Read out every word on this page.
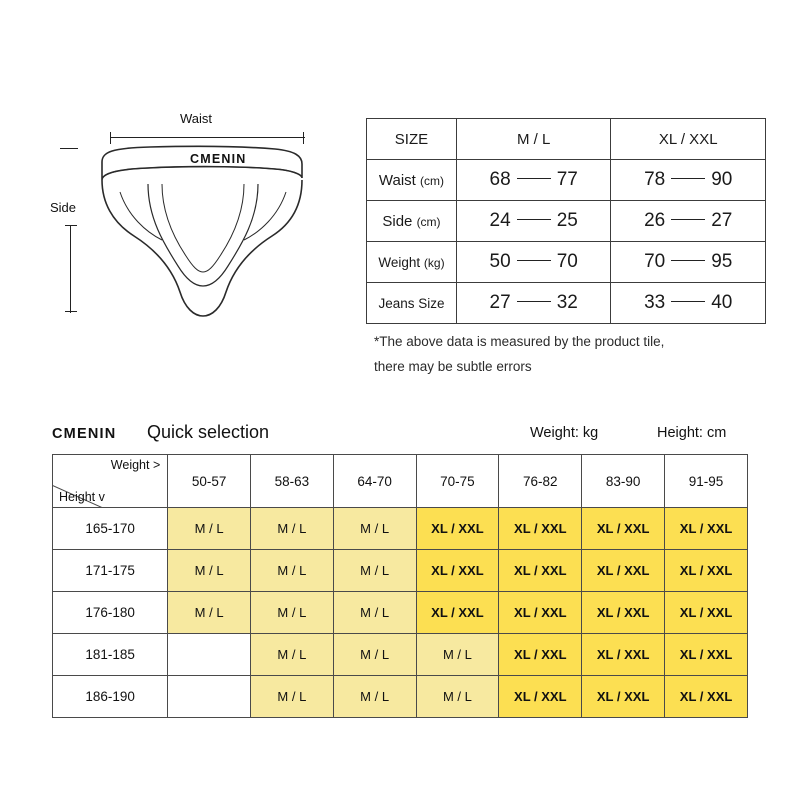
Waist
Side
CMENIN
SIZE	M / L	XL / XXL
Waist (cm)	68 77	78 90

Side (cm)	24 25	26 27

Weight (kg)	50 70	70 95

Jeans Size	27 32	33 40
*The above data is measured by the product tile,
there may be subtle errors
CMENIN Quick selection	Weight: kg	Height: cm
Weight >
Height v	50-57	58-63	64-70	70-75	76-82	83-90	91-95
165-170	M / L	M / L	M / L	XL / XXL	XL / XXL	XL / XXL	XL / XXL
171-175	M / L	M / L	M / L	XL / XXL	XL / XXL	XL / XXL	XL / XXL
176-180	M / L	M / L	M / L	XL / XXL	XL / XXL	XL / XXL	XL / XXL
181-185		M / L	M / L	M / L	XL / XXL	XL / XXL	XL / XXL
186-190		M / L	M / L	M / L	XL / XXL	XL / XXL	XL / XXL
